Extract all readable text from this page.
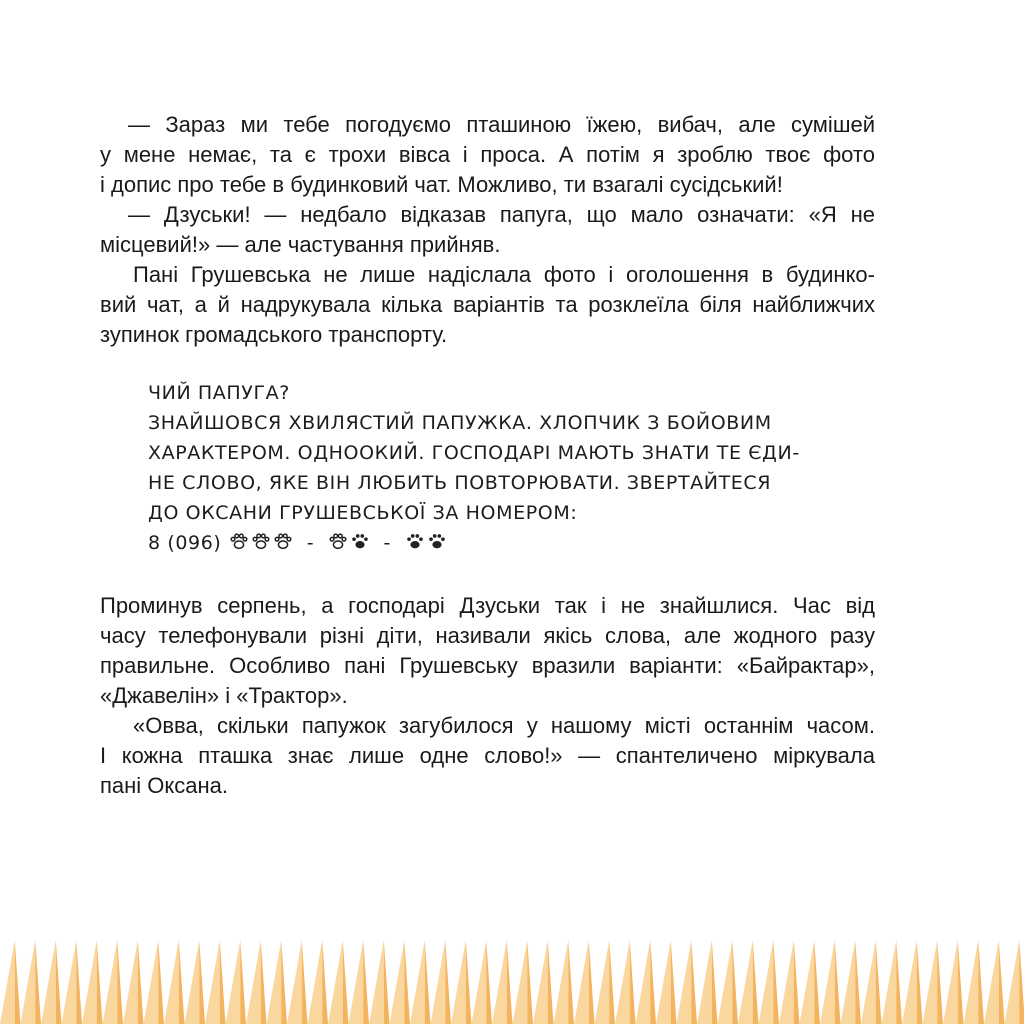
— Зараз ми тебе погодуємо пташиною їжею, вибач, але сумішей
у мене немає, та є трохи вівса і проса. А потім я зроблю твоє фото
і допис про тебе в будинковий чат. Можливо, ти взагалі сусідський!
— Дзуськи! — недбало відказав папуга, що мало означати: «Я не
місцевий!» — але частування прийняв.
Пані Грушевська не лише надіслала фото і оголошення в будинко-
вий чат, а й надрукувала кілька варіантів та розклеїла біля найближчих
зупинок громадського транспорту.
ЧИЙ ПАПУГА?
ЗНАЙШОВСЯ ХВИЛЯСТИЙ ПАПУЖКА. ХЛОПЧИК З БОЙОВИМ
ХАРАКТЕРОМ. ОДНООКИЙ. ГОСПОДАРІ МАЮТЬ ЗНАТИ ТЕ ЄДИ-
НЕ СЛОВО, ЯКЕ ВІН ЛЮБИТЬ ПОВТОРЮВАТИ. ЗВЕРТАЙТЕСЯ
ДО ОКСАНИ ГРУШЕВСЬКОЇ ЗА НОМЕРОМ:
8 (096)	-	-
Проминув серпень, а господарі Дзуськи так і не знайшлися. Час від
часу телефонували різні діти, називали якісь слова, але жодного разу
правильне. Особливо пані Грушевську вразили варіанти: «Байрактар»,
«Джавелін» і «Трактор».
«Овва, скільки папужок загубилося у нашому місті останнім часом.
І кожна пташка знає лише одне слово!» — спантеличено міркувала
пані Оксана.
